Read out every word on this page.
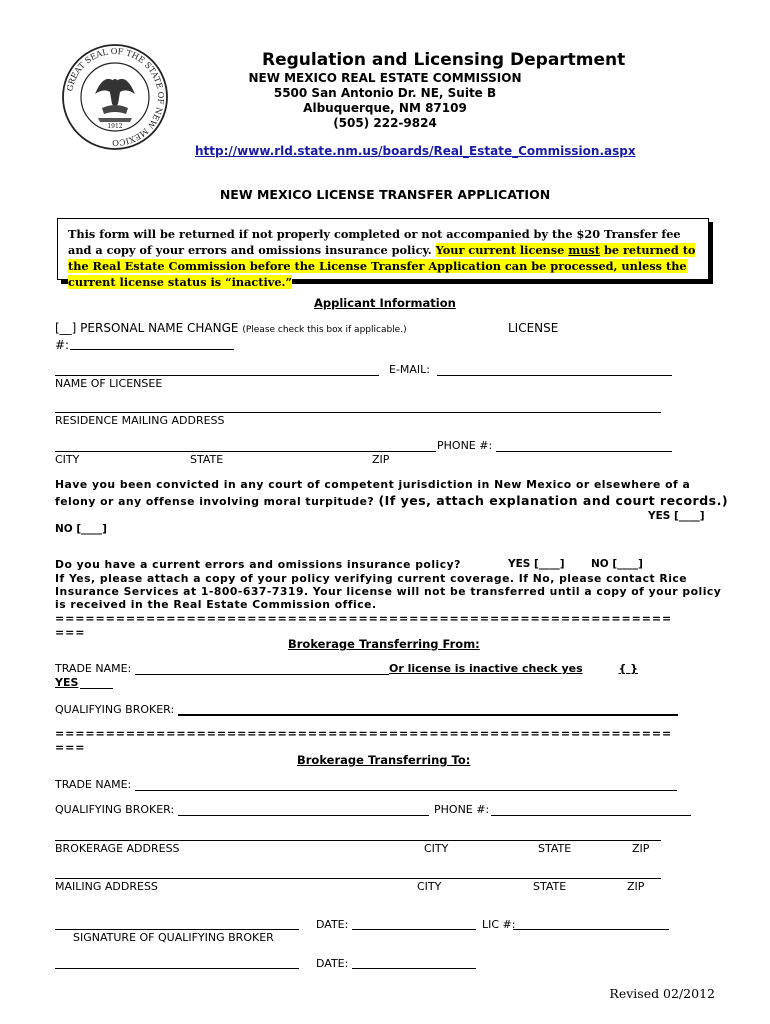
GREAT SEAL OF THE STATE OF NEW MEXICO
1912
Regulation and Licensing Department
NEW MEXICO REAL ESTATE COMMISSION
5500 San Antonio Dr. NE, Suite B
Albuquerque, NM 87109
(505) 222-9824
http://www.rld.state.nm.us/boards/Real_Estate_Commission.aspx
NEW MEXICO LICENSE TRANSFER APPLICATION
This form will be returned if not properly completed or not accompanied by the $20 Transfer fee and a copy of your errors and omissions insurance policy. Your current license must be returned to the Real Estate Commission before the License Transfer Application can be processed, unless the current license status is “inactive.”
Applicant Information
[__] PERSONAL NAME CHANGE (Please check this box if applicable.)	LICENSE
#:
E-MAIL:
NAME OF LICENSEE
RESIDENCE MAILING ADDRESS
PHONE #:
CITY	STATE	ZIP
Have you been convicted in any court of competent jurisdiction in New Mexico or elsewhere of a
felony or any offense involving moral turpitude? (If yes, attach explanation and court records.)
YES [____]
NO [____]
Do you have a current errors and omissions insurance policy?	YES [____]	NO [____]
If Yes, please attach a copy of your policy verifying current coverage. If No, please contact Rice
Insurance Services at 1-800-637-7319. Your license will not be transferred until a copy of your policy
is received in the Real Estate Commission office.
=============================================================
===
Brokerage Transferring From:
TRADE NAME:	Or license is inactive check yes	{ }
YES
QUALIFYING BROKER:
=============================================================
===
Brokerage Transferring To:
TRADE NAME:
QUALIFYING BROKER:	PHONE #:
BROKERAGE ADDRESS	CITY	STATE	ZIP
MAILING ADDRESS	CITY	STATE	ZIP
DATE:	LIC #:
SIGNATURE OF QUALIFYING BROKER
DATE:
Revised 02/2012
